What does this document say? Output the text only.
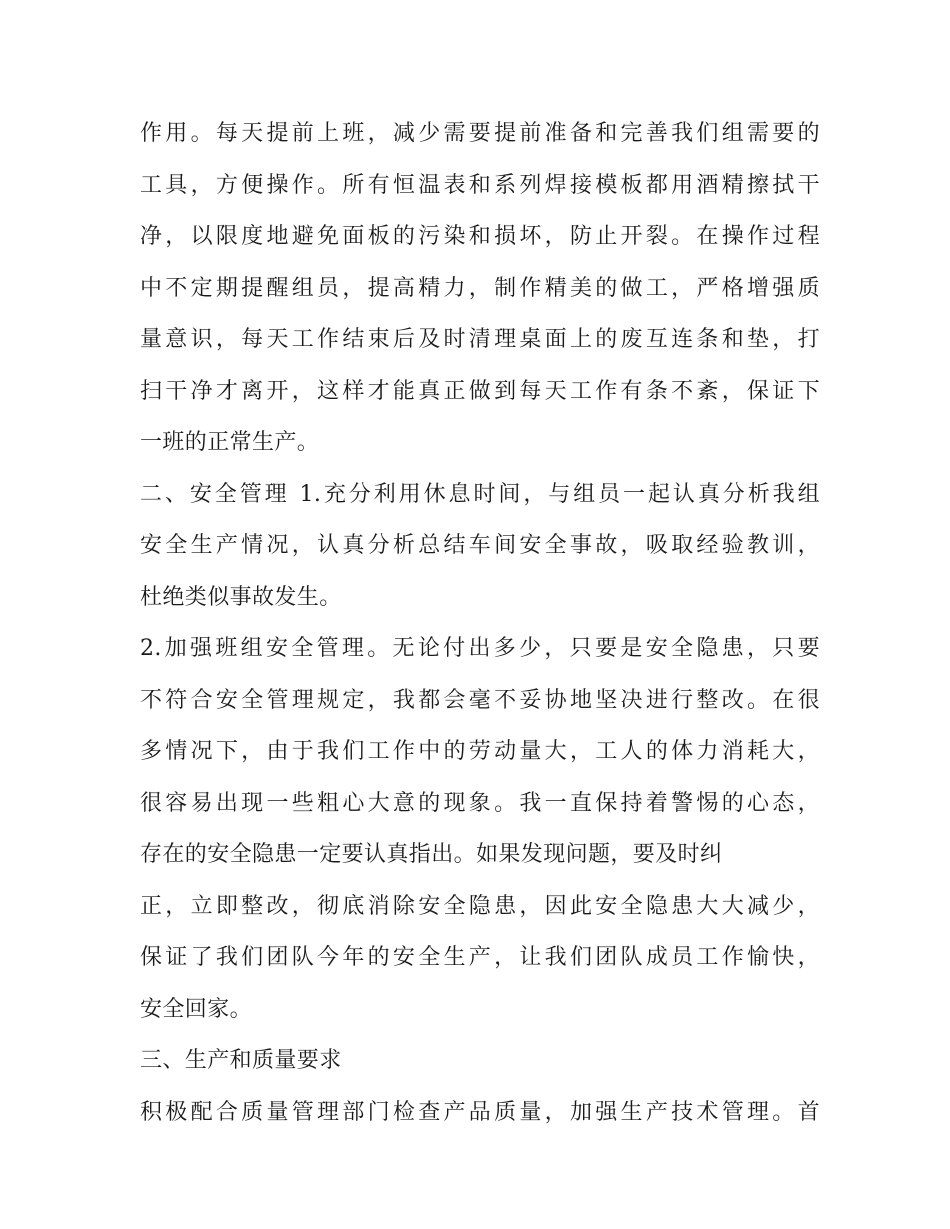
作用。每天提前上班，减少需要提前准备和完善我们组需要的
工具，方便操作。所有恒温表和系列焊接模板都用酒精擦拭干
净，以限度地避免面板的污染和损坏，防止开裂。在操作过程
中不定期提醒组员，提高精力，制作精美的做工，严格增强质
量意识，每天工作结束后及时清理桌面上的废互连条和垫，打
扫干净才离开，这样才能真正做到每天工作有条不紊，保证下
一班的正常生产。
二、安全管理 1.充分利用休息时间，与组员一起认真分析我组
安全生产情况，认真分析总结车间安全事故，吸取经验教训，
杜绝类似事故发生。
2.加强班组安全管理。无论付出多少，只要是安全隐患，只要
不符合安全管理规定，我都会毫不妥协地坚决进行整改。在很
多情况下，由于我们工作中的劳动量大，工人的体力消耗大，
很容易出现一些粗心大意的现象。我一直保持着警惕的心态，
存在的安全隐患一定要认真指出。如果发现问题，要及时纠
正，立即整改，彻底消除安全隐患，因此安全隐患大大减少，
保证了我们团队今年的安全生产，让我们团队成员工作愉快，
安全回家。
三、生产和质量要求
积极配合质量管理部门检查产品质量，加强生产技术管理。首
